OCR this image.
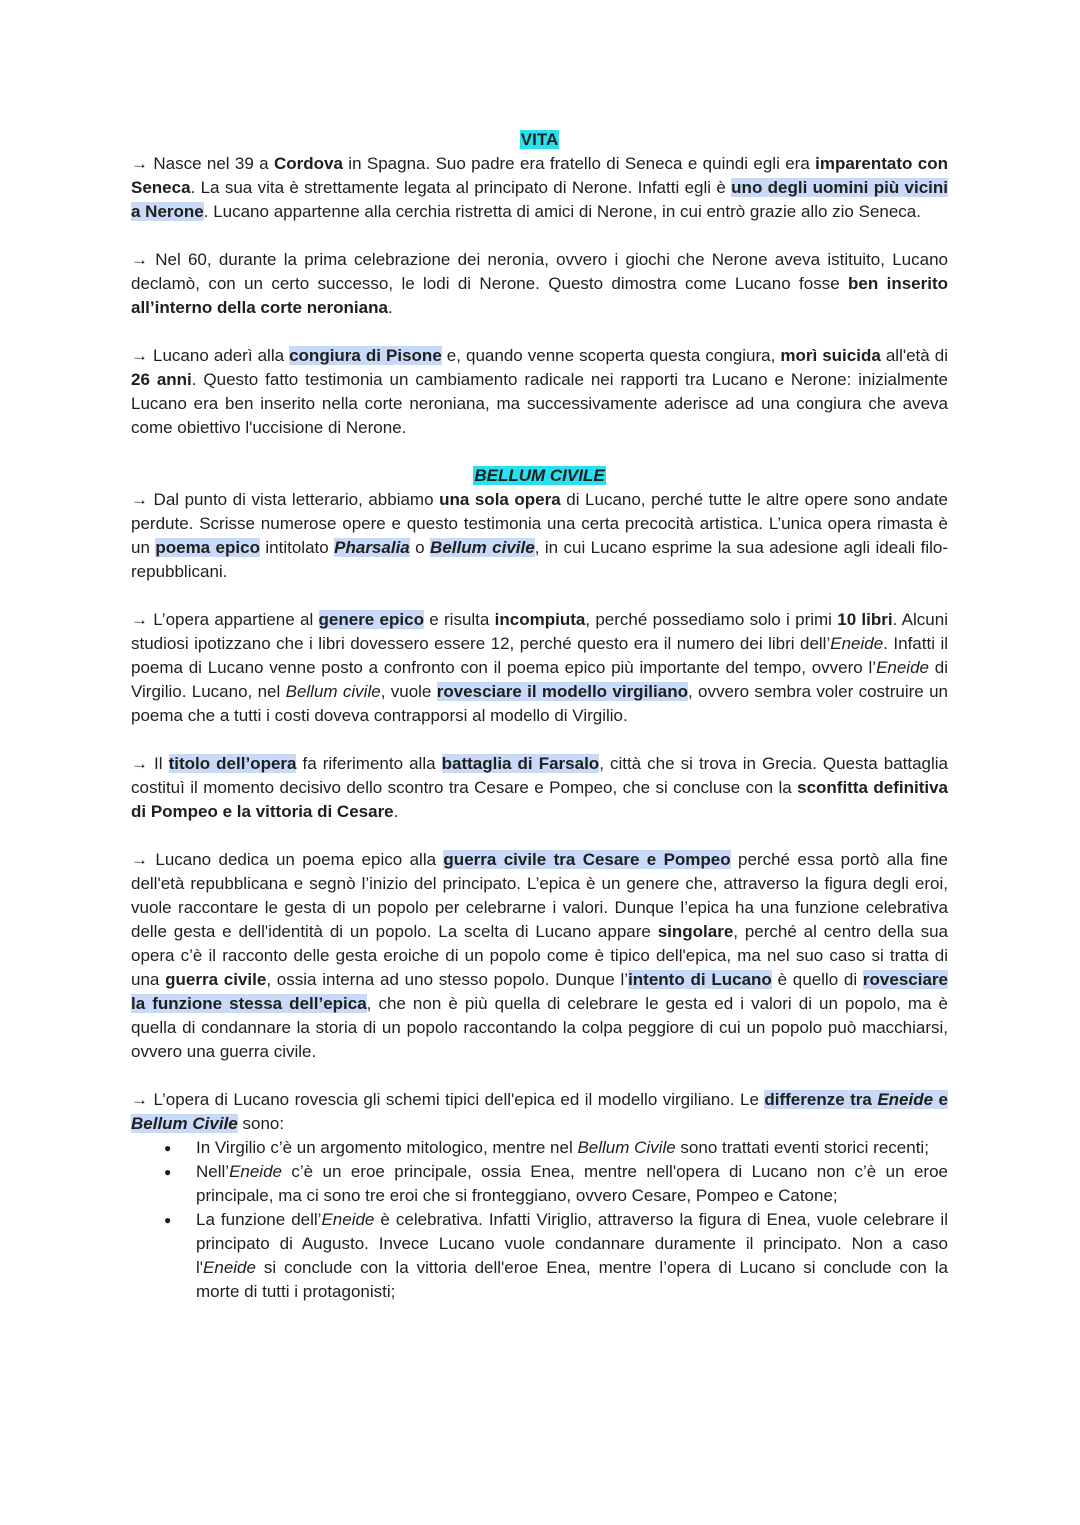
VITA

→ Nasce nel 39 a Cordova in Spagna. Suo padre era fratello di Seneca e quindi egli era imparentato con Seneca. La sua vita è strettamente legata al principato di Nerone. Infatti egli è uno degli uomini più vicini a Nerone. Lucano appartenne alla cerchia ristretta di amici di Nerone, in cui entrò grazie allo zio Seneca.

→ Nel 60, durante la prima celebrazione dei neronia, ovvero i giochi che Nerone aveva istituito, Lucano declamò, con un certo successo, le lodi di Nerone. Questo dimostra come Lucano fosse ben inserito all’interno della corte neroniana.

→ Lucano aderì alla congiura di Pisone e, quando venne scoperta questa congiura, morì suicida all'età di 26 anni. Questo fatto testimonia un cambiamento radicale nei rapporti tra Lucano e Nerone: inizialmente Lucano era ben inserito nella corte neroniana, ma successivamente aderisce ad una congiura che aveva come obiettivo l'uccisione di Nerone.

BELLUM CIVILE

→ Dal punto di vista letterario, abbiamo una sola opera di Lucano, perché tutte le altre opere sono andate perdute. Scrisse numerose opere e questo testimonia una certa precocità artistica. L’unica opera rimasta è un poema epico intitolato Pharsalia o Bellum civile, in cui Lucano esprime la sua adesione agli ideali filo-repubblicani.

→ L’opera appartiene al genere epico e risulta incompiuta, perché possediamo solo i primi 10 libri. Alcuni studiosi ipotizzano che i libri dovessero essere 12, perché questo era il numero dei libri dell’Eneide. Infatti il poema di Lucano venne posto a confronto con il poema epico più importante del tempo, ovvero l’Eneide di Virgilio. Lucano, nel Bellum civile, vuole rovesciare il modello virgiliano, ovvero sembra voler costruire un poema che a tutti i costi doveva contrapporsi al modello di Virgilio.

→ Il titolo dell’opera fa riferimento alla battaglia di Farsalo, città che si trova in Grecia. Questa battaglia costituì il momento decisivo dello scontro tra Cesare e Pompeo, che si concluse con la sconfitta definitiva di Pompeo e la vittoria di Cesare.

→ Lucano dedica un poema epico alla guerra civile tra Cesare e Pompeo perché essa portò alla fine dell'età repubblicana e segnò l’inizio del principato. L’epica è un genere che, attraverso la figura degli eroi, vuole raccontare le gesta di un popolo per celebrarne i valori. Dunque l’epica ha una funzione celebrativa delle gesta e dell'identità di un popolo. La scelta di Lucano appare singolare, perché al centro della sua opera c’è il racconto delle gesta eroiche di un popolo come è tipico dell'epica, ma nel suo caso si tratta di una guerra civile, ossia interna ad uno stesso popolo. Dunque l’intento di Lucano è quello di rovesciare la funzione stessa dell’epica, che non è più quella di celebrare le gesta ed i valori di un popolo, ma è quella di condannare la storia di un popolo raccontando la colpa peggiore di cui un popolo può macchiarsi, ovvero una guerra civile.

→ L’opera di Lucano rovescia gli schemi tipici dell'epica ed il modello virgiliano. Le differenze tra Eneide e Bellum Civile sono:

● In Virgilio c’è un argomento mitologico, mentre nel Bellum Civile sono trattati eventi storici recenti;
● Nell’Eneide c’è un eroe principale, ossia Enea, mentre nell'opera di Lucano non c’è un eroe principale, ma ci sono tre eroi che si fronteggiano, ovvero Cesare, Pompeo e Catone;
● La funzione dell’Eneide è celebrativa. Infatti Viriglio, attraverso la figura di Enea, vuole celebrare il principato di Augusto. Invece Lucano vuole condannare duramente il principato. Non a caso l'Eneide si conclude con la vittoria dell'eroe Enea, mentre l’opera di Lucano si conclude con la morte di tutti i protagonisti;
